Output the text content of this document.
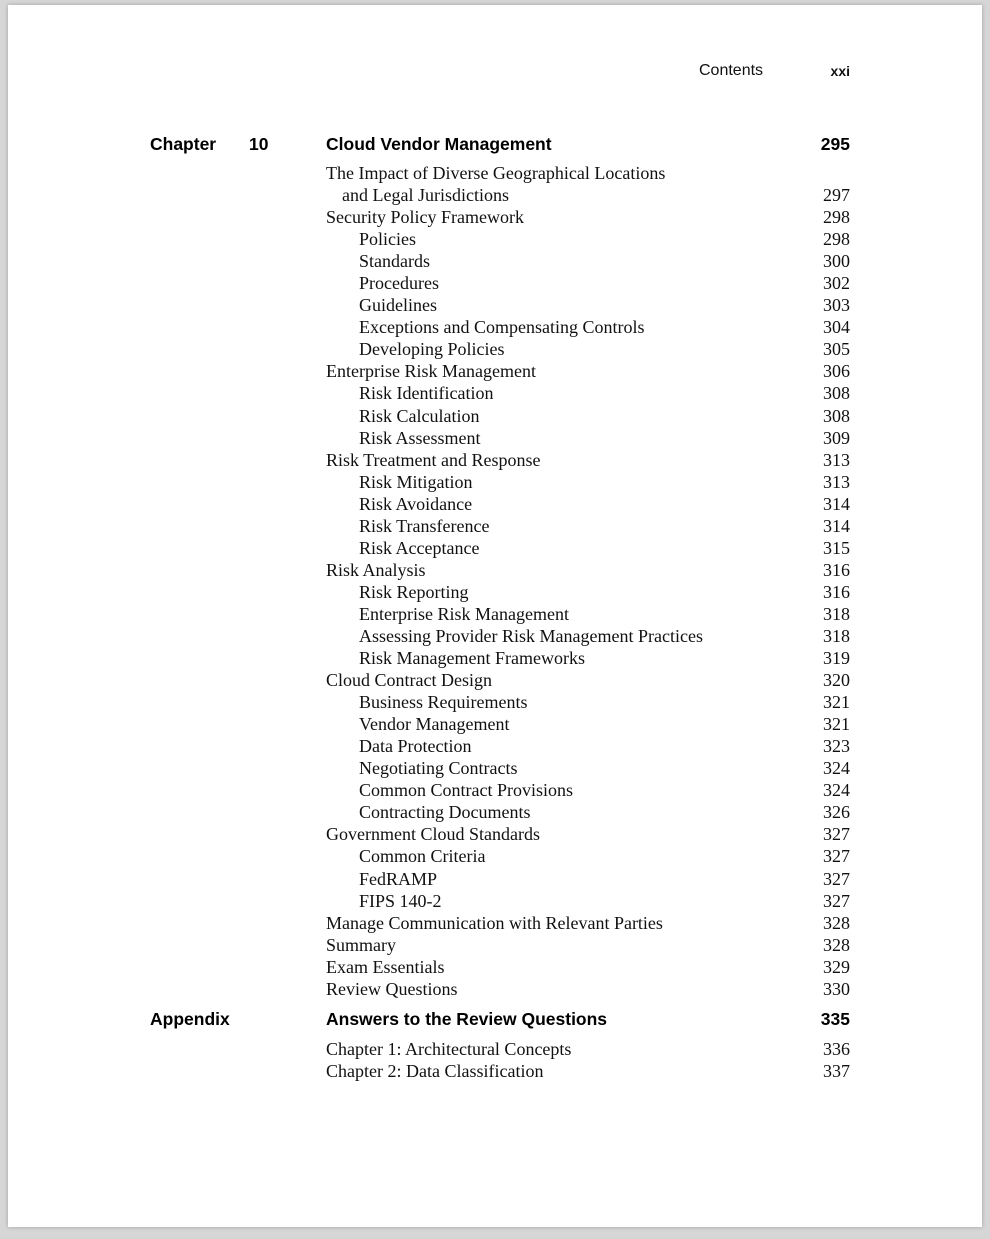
Contents	xxi
Chapter 10	Cloud Vendor Management	295
The Impact of Diverse Geographical Locations
and Legal Jurisdictions	297
Security Policy Framework	298
Policies	298
Standards	300
Procedures	302
Guidelines	303
Exceptions and Compensating Controls	304
Developing Policies	305
Enterprise Risk Management	306
Risk Identification	308
Risk Calculation	308
Risk Assessment	309
Risk Treatment and Response	313
Risk Mitigation	313
Risk Avoidance	314
Risk Transference	314
Risk Acceptance	315
Risk Analysis	316
Risk Reporting	316
Enterprise Risk Management	318
Assessing Provider Risk Management Practices	318
Risk Management Frameworks	319
Cloud Contract Design	320
Business Requirements	321
Vendor Management	321
Data Protection	323
Negotiating Contracts	324
Common Contract Provisions	324
Contracting Documents	326
Government Cloud Standards	327
Common Criteria	327
FedRAMP	327
FIPS 140-2	327
Manage Communication with Relevant Parties	328
Summary	328
Exam Essentials	329
Review Questions	330
Appendix	Answers to the Review Questions	335
Chapter 1: Architectural Concepts	336
Chapter 2: Data Classification	337
